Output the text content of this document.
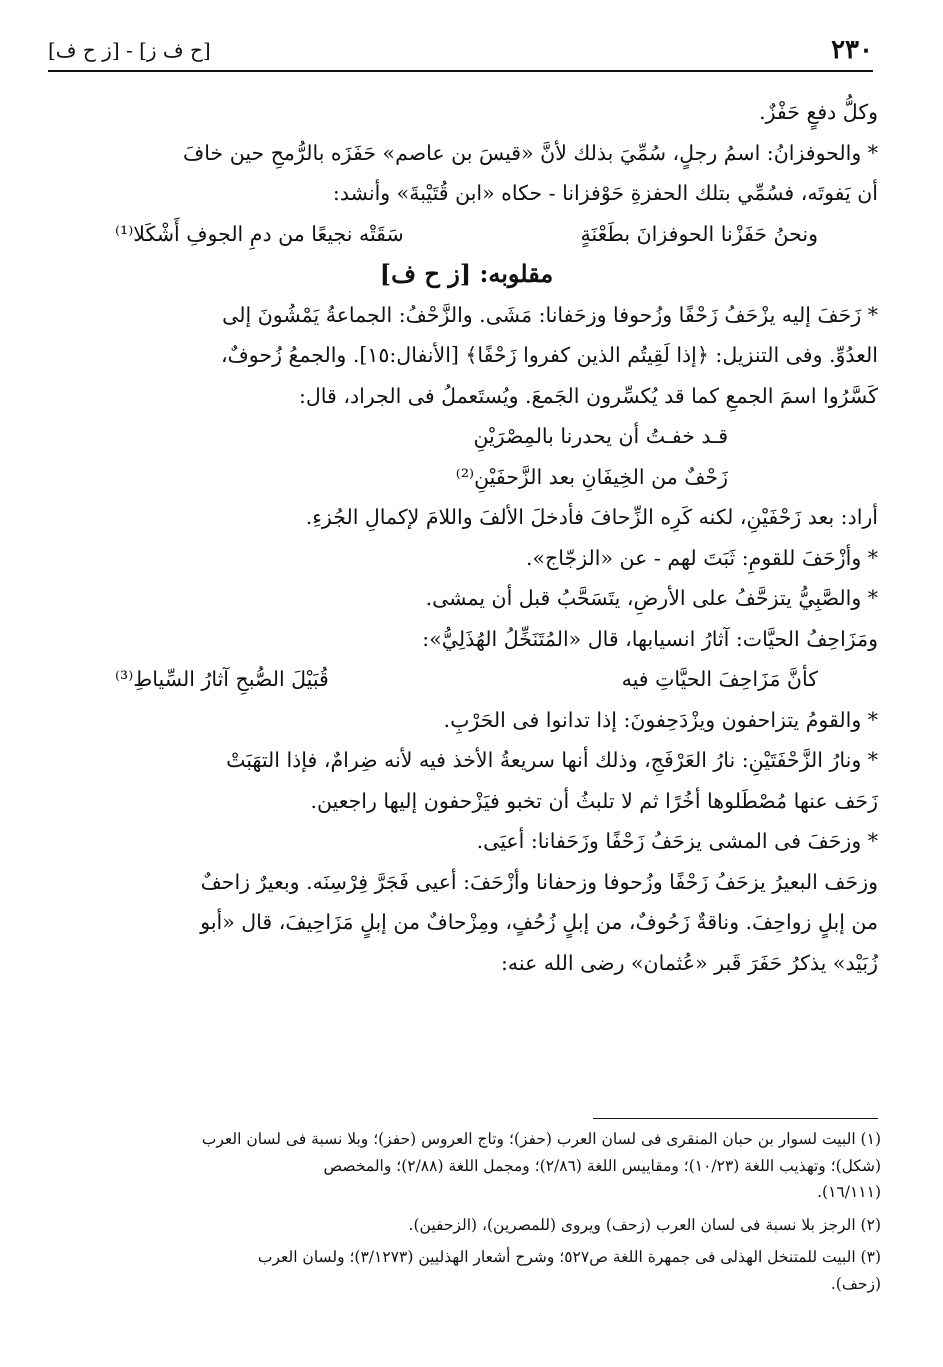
٢٣٠
[ح ف ز] - [ز ح ف]
وكلُّ دفعٍ حَفْزٌ.
* والحوفزانُ: اسمُ رجلٍ، سُمِّيَ بذلك لأنَّ «قيسَ بن عاصم» حَفَزَه بالرُّمحِ حين خافَ
أن يَفوتَه، فسُمِّي بتلك الحفزةِ حَوْفزانا - حكاه «ابن قُتَيْبةَ» وأنشد:
ونحنُ حَفَزْنا الحوفزانَ بطَعْنَةٍ
سَقَتْه نجيعًا من دمِ الجوفِ أَشْكَلا⁽¹⁾
مقلوبه: [ز ح ف]
* زَحَفَ إليه يزْحَفُ زَحْفًا وزُحوفا وزحَفانا: مَشَى. والزَّحْفُ: الجماعةُ يَمْشُونَ إلى
العدُوِّ. وفى التنزيل: ﴿إذا لَقِيتُم الذين كفروا زَحْفًا﴾ [الأنفال:١٥]. والجمعُ زُحوفٌ،
كَسَّرُوا اسمَ الجمعِ كما قد يُكسِّرون الجَمعَ. ويُستَعملُ فى الجراد، قال:
قـد خفـتُ أن يحدرنا بالمِصْرَيْنِ
زَحْفٌ من الخِيفَانِ بعد الزَّحفَيْنِ⁽²⁾
أراد: بعد زَحْفَيْنِ، لكنه كَرِه الزِّحافَ فأدخلَ الألفَ واللامَ لإكمالِ الجُزءِ.
* وأزْحَفَ للقومِ: ثَبَتَ لهم - عن «الزجّاج».
* والصَّبِيُّ يتزحَّفُ على الأرضِ، يتَسَحَّبُ قبل أن يمشى.
ومَزَاحِفُ الحيَّات: آثارُ انسيابها، قال «المُتَنَخِّلُ الهُذَلِيُّ»:
كأنَّ مَزَاحِفَ الحيَّاتِ فيه
قُبَيْلَ الصُّبحِ آثارُ السِّياطِ⁽³⁾
* والقومُ يتزاحفون ويزْدَحِفونَ: إذا تدانوا فى الحَرْبِ.
* ونارُ الزَّحْفَتَيْنِ: نارُ العَرْفَجِ، وذلك أنها سريعةُ الأخذ فيه لأنه ضِرامٌ، فإذا التهَبَتْ
زَحَف عنها مُصْطَلوها أخُرًا ثم لا تلبثُ أن تخبو فيَزْحفون إليها راجعين.
* وزحَفَ فى المشى يزحَفُ زَحْفًا وزَحَفانا: أعيَى.
وزحَف البعيرُ يزحَفُ زَحْفًا وزُحوفا وزحفانا وأزْحَفَ: أعيى فَجَرَّ فِرْسِنَه. وبعيرٌ زاحفٌ
من إبلٍ زواحِفَ. وناقةٌ زَحُوفٌ، من إبلٍ زُحُفٍ، ومِزْحافٌ من إبلٍ مَزَاحِيفَ، قال «أبو
زُبَيْد» يذكرُ حَفَرَ قَبر «عُثمان» رضى الله عنه:
(١) البيت لسوار بن حبان المنقرى فى لسان العرب (حفز)؛ وتاج العروس (حفز)؛ وبلا نسبة فى لسان العرب
(شكل)؛ وتهذيب اللغة (١٠/٢٣)؛ ومقاييس اللغة (٢/٨٦)؛ ومجمل اللغة (٢/٨٨)؛ والمخصص
(١٦/١١١).
(٢) الرجز بلا نسبة فى لسان العرب (زحف) ويروى (للمصرين)، (الزحفين).
(٣) البيت للمتنخل الهذلى فى جمهرة اللغة ص٥٢٧؛ وشرح أشعار الهذليين (٣/١٢٧٣)؛ ولسان العرب
(زحف).
